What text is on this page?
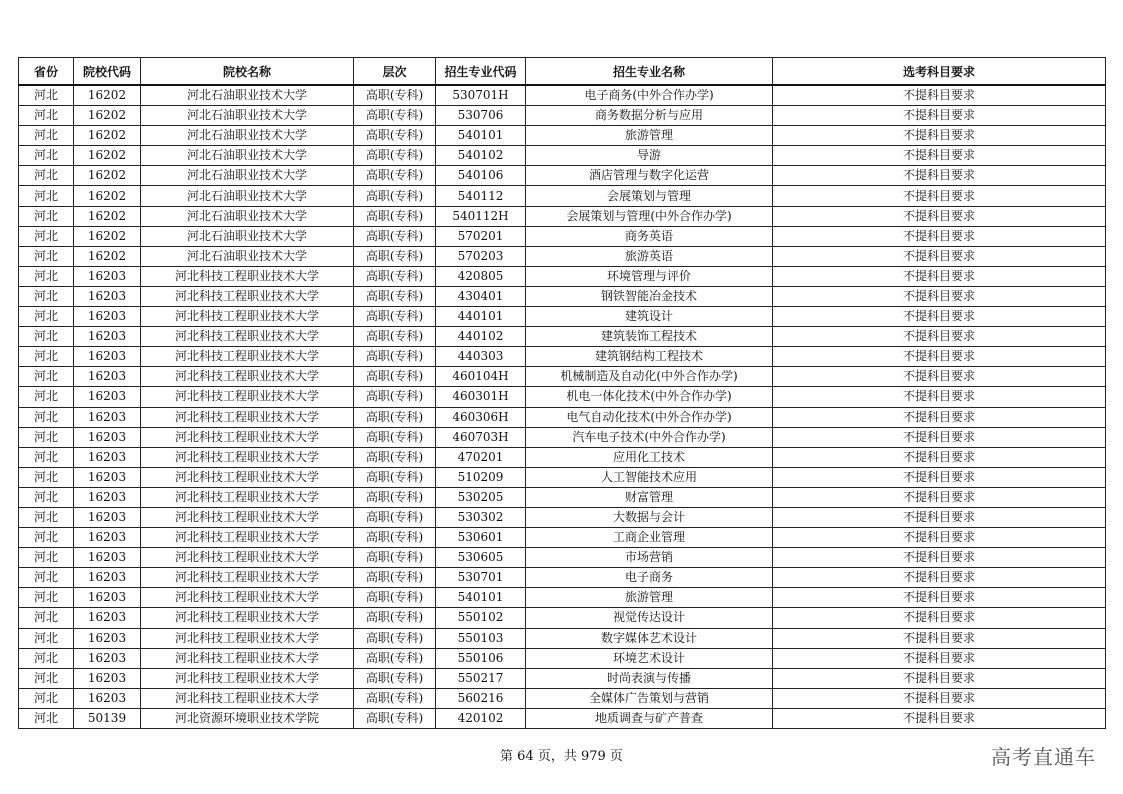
省份	院校代码	院校名称	层次	招生专业代码	招生专业名称	选考科目要求
河北	16202	河北石油职业技术大学	高职(专科)	530701H	电子商务(中外合作办学)	不提科目要求
河北	16202	河北石油职业技术大学	高职(专科)	530706	商务数据分析与应用	不提科目要求
河北	16202	河北石油职业技术大学	高职(专科)	540101	旅游管理	不提科目要求
河北	16202	河北石油职业技术大学	高职(专科)	540102	导游	不提科目要求
河北	16202	河北石油职业技术大学	高职(专科)	540106	酒店管理与数字化运营	不提科目要求
河北	16202	河北石油职业技术大学	高职(专科)	540112	会展策划与管理	不提科目要求
河北	16202	河北石油职业技术大学	高职(专科)	540112H	会展策划与管理(中外合作办学)	不提科目要求
河北	16202	河北石油职业技术大学	高职(专科)	570201	商务英语	不提科目要求
河北	16202	河北石油职业技术大学	高职(专科)	570203	旅游英语	不提科目要求
河北	16203	河北科技工程职业技术大学	高职(专科)	420805	环境管理与评价	不提科目要求
河北	16203	河北科技工程职业技术大学	高职(专科)	430401	钢铁智能冶金技术	不提科目要求
河北	16203	河北科技工程职业技术大学	高职(专科)	440101	建筑设计	不提科目要求
河北	16203	河北科技工程职业技术大学	高职(专科)	440102	建筑装饰工程技术	不提科目要求
河北	16203	河北科技工程职业技术大学	高职(专科)	440303	建筑钢结构工程技术	不提科目要求
河北	16203	河北科技工程职业技术大学	高职(专科)	460104H	机械制造及自动化(中外合作办学)	不提科目要求
河北	16203	河北科技工程职业技术大学	高职(专科)	460301H	机电一体化技术(中外合作办学)	不提科目要求
河北	16203	河北科技工程职业技术大学	高职(专科)	460306H	电气自动化技术(中外合作办学)	不提科目要求
河北	16203	河北科技工程职业技术大学	高职(专科)	460703H	汽车电子技术(中外合作办学)	不提科目要求
河北	16203	河北科技工程职业技术大学	高职(专科)	470201	应用化工技术	不提科目要求
河北	16203	河北科技工程职业技术大学	高职(专科)	510209	人工智能技术应用	不提科目要求
河北	16203	河北科技工程职业技术大学	高职(专科)	530205	财富管理	不提科目要求
河北	16203	河北科技工程职业技术大学	高职(专科)	530302	大数据与会计	不提科目要求
河北	16203	河北科技工程职业技术大学	高职(专科)	530601	工商企业管理	不提科目要求
河北	16203	河北科技工程职业技术大学	高职(专科)	530605	市场营销	不提科目要求
河北	16203	河北科技工程职业技术大学	高职(专科)	530701	电子商务	不提科目要求
河北	16203	河北科技工程职业技术大学	高职(专科)	540101	旅游管理	不提科目要求
河北	16203	河北科技工程职业技术大学	高职(专科)	550102	视觉传达设计	不提科目要求
河北	16203	河北科技工程职业技术大学	高职(专科)	550103	数字媒体艺术设计	不提科目要求
河北	16203	河北科技工程职业技术大学	高职(专科)	550106	环境艺术设计	不提科目要求
河北	16203	河北科技工程职业技术大学	高职(专科)	550217	时尚表演与传播	不提科目要求
河北	16203	河北科技工程职业技术大学	高职(专科)	560216	全媒体广告策划与营销	不提科目要求
河北	50139	河北资源环境职业技术学院	高职(专科)	420102	地质调查与矿产普查	不提科目要求
第 64 页，共 979 页	高考直通车
